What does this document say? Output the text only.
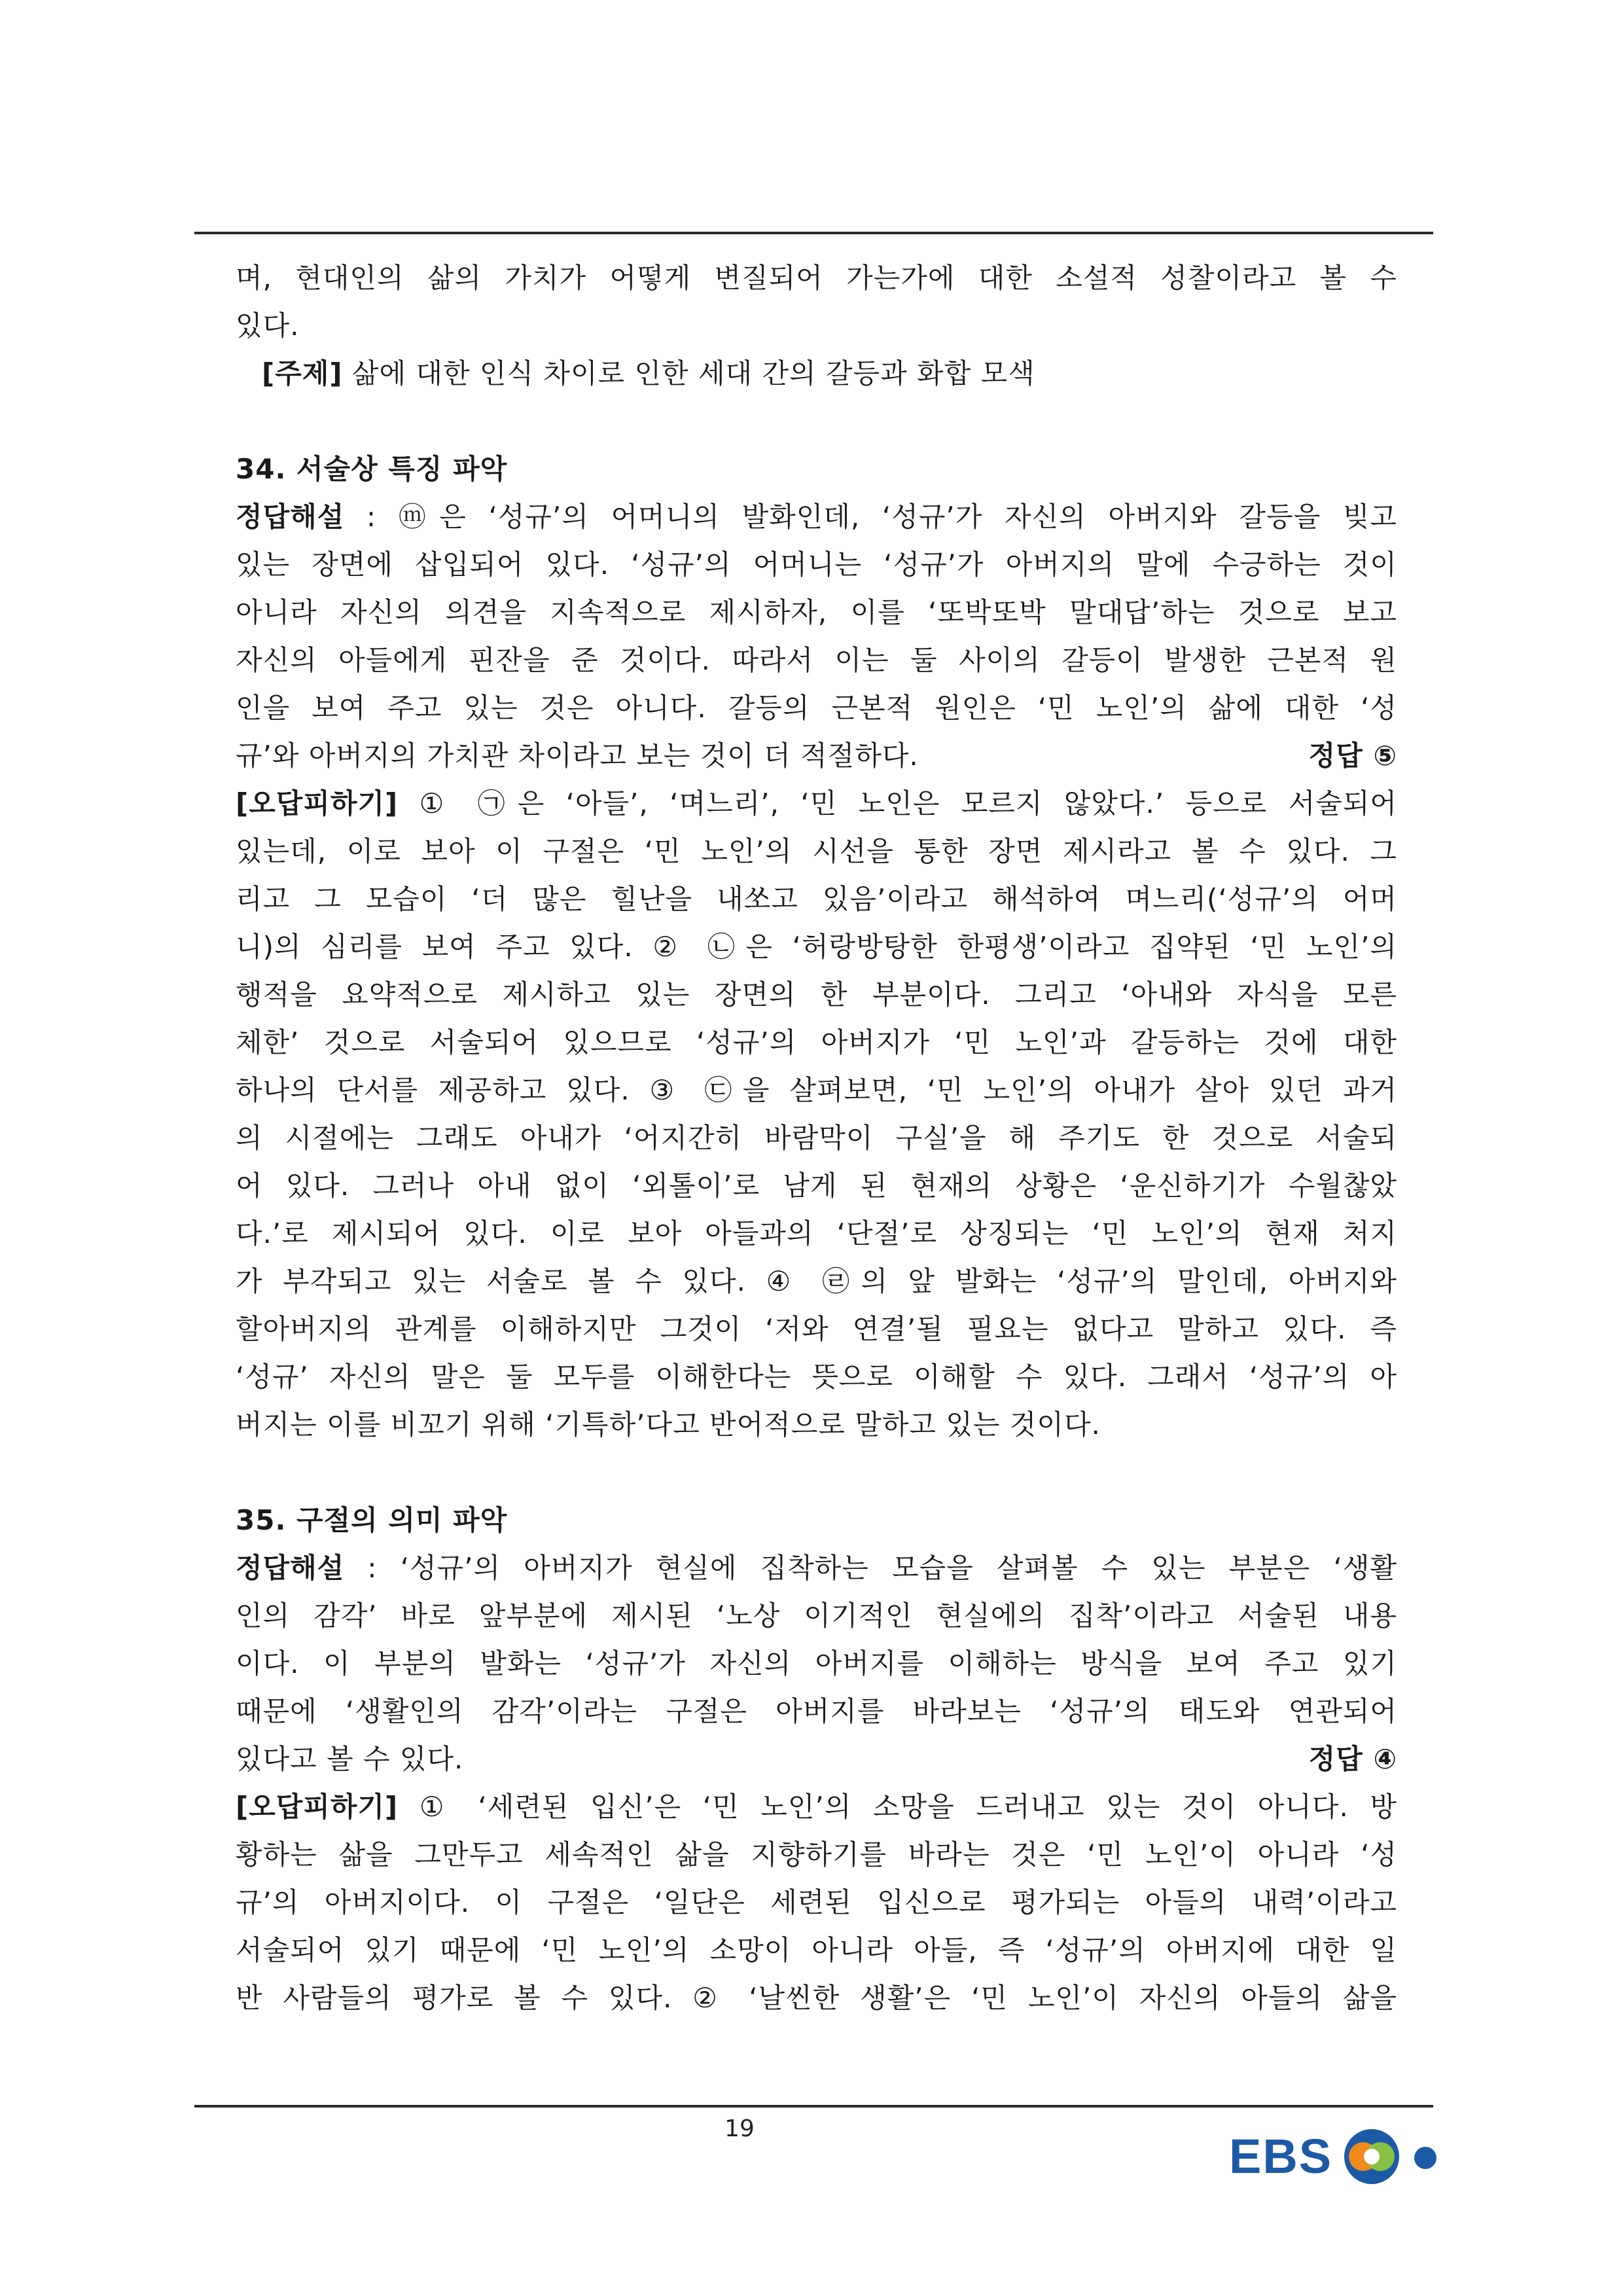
며, 현대인의 삶의 가치가 어떻게 변질되어 가는가에 대한 소설적 성찰이라고 볼 수
있다.
[주제] 삶에 대한 인식 차이로 인한 세대 간의 갈등과 화합 모색
34. 서술상 특징 파악
정답해설 : ⓜ은 ‘성규’의 어머니의 발화인데, ‘성규’가 자신의 아버지와 갈등을 빚고
있는 장면에 삽입되어 있다. ‘성규’의 어머니는 ‘성규’가 아버지의 말에 수긍하는 것이
아니라 자신의 의견을 지속적으로 제시하자, 이를 ‘또박또박 말대답’하는 것으로 보고
자신의 아들에게 핀잔을 준 것이다. 따라서 이는 둘 사이의 갈등이 발생한 근본적 원
인을 보여 주고 있는 것은 아니다. 갈등의 근본적 원인은 ‘민 노인’의 삶에 대한 ‘성
규’와 아버지의 가치관 차이라고 보는 것이 더 적절하다.	정답 ⑤
[오답피하기] ① ㉠은 ‘아들’, ‘며느리’, ‘민 노인은 모르지 않았다.’ 등으로 서술되어
있는데, 이로 보아 이 구절은 ‘민 노인’의 시선을 통한 장면 제시라고 볼 수 있다. 그
리고 그 모습이 ‘더 많은 힐난을 내쏘고 있음’이라고 해석하여 며느리(‘성규’의 어머
니)의 심리를 보여 주고 있다. ② ㉡은 ‘허랑방탕한 한평생’이라고 집약된 ‘민 노인’의
행적을 요약적으로 제시하고 있는 장면의 한 부분이다. 그리고 ‘아내와 자식을 모른
체한’ 것으로 서술되어 있으므로 ‘성규’의 아버지가 ‘민 노인’과 갈등하는 것에 대한
하나의 단서를 제공하고 있다. ③ ㉢을 살펴보면, ‘민 노인’의 아내가 살아 있던 과거
의 시절에는 그래도 아내가 ‘어지간히 바람막이 구실’을 해 주기도 한 것으로 서술되
어 있다. 그러나 아내 없이 ‘외톨이’로 남게 된 현재의 상황은 ‘운신하기가 수월찮았
다.’로 제시되어 있다. 이로 보아 아들과의 ‘단절’로 상징되는 ‘민 노인’의 현재 처지
가 부각되고 있는 서술로 볼 수 있다. ④ ㉣의 앞 발화는 ‘성규’의 말인데, 아버지와
할아버지의 관계를 이해하지만 그것이 ‘저와 연결’될 필요는 없다고 말하고 있다. 즉
‘성규’ 자신의 말은 둘 모두를 이해한다는 뜻으로 이해할 수 있다. 그래서 ‘성규’의 아
버지는 이를 비꼬기 위해 ‘기특하’다고 반어적으로 말하고 있는 것이다.
35. 구절의 의미 파악
정답해설 : ‘성규’의 아버지가 현실에 집착하는 모습을 살펴볼 수 있는 부분은 ‘생활
인의 감각’ 바로 앞부분에 제시된 ‘노상 이기적인 현실에의 집착’이라고 서술된 내용
이다. 이 부분의 발화는 ‘성규’가 자신의 아버지를 이해하는 방식을 보여 주고 있기
때문에 ‘생활인의 감각’이라는 구절은 아버지를 바라보는 ‘성규’의 태도와 연관되어
있다고 볼 수 있다.	정답 ④
[오답피하기] ① ‘세련된 입신’은 ‘민 노인’의 소망을 드러내고 있는 것이 아니다. 방
황하는 삶을 그만두고 세속적인 삶을 지향하기를 바라는 것은 ‘민 노인’이 아니라 ‘성
규’의 아버지이다. 이 구절은 ‘일단은 세련된 입신으로 평가되는 아들의 내력’이라고
서술되어 있기 때문에 ‘민 노인’의 소망이 아니라 아들, 즉 ‘성규’의 아버지에 대한 일
반 사람들의 평가로 볼 수 있다. ② ‘날씬한 생활’은 ‘민 노인’이 자신의 아들의 삶을
19
EBS
